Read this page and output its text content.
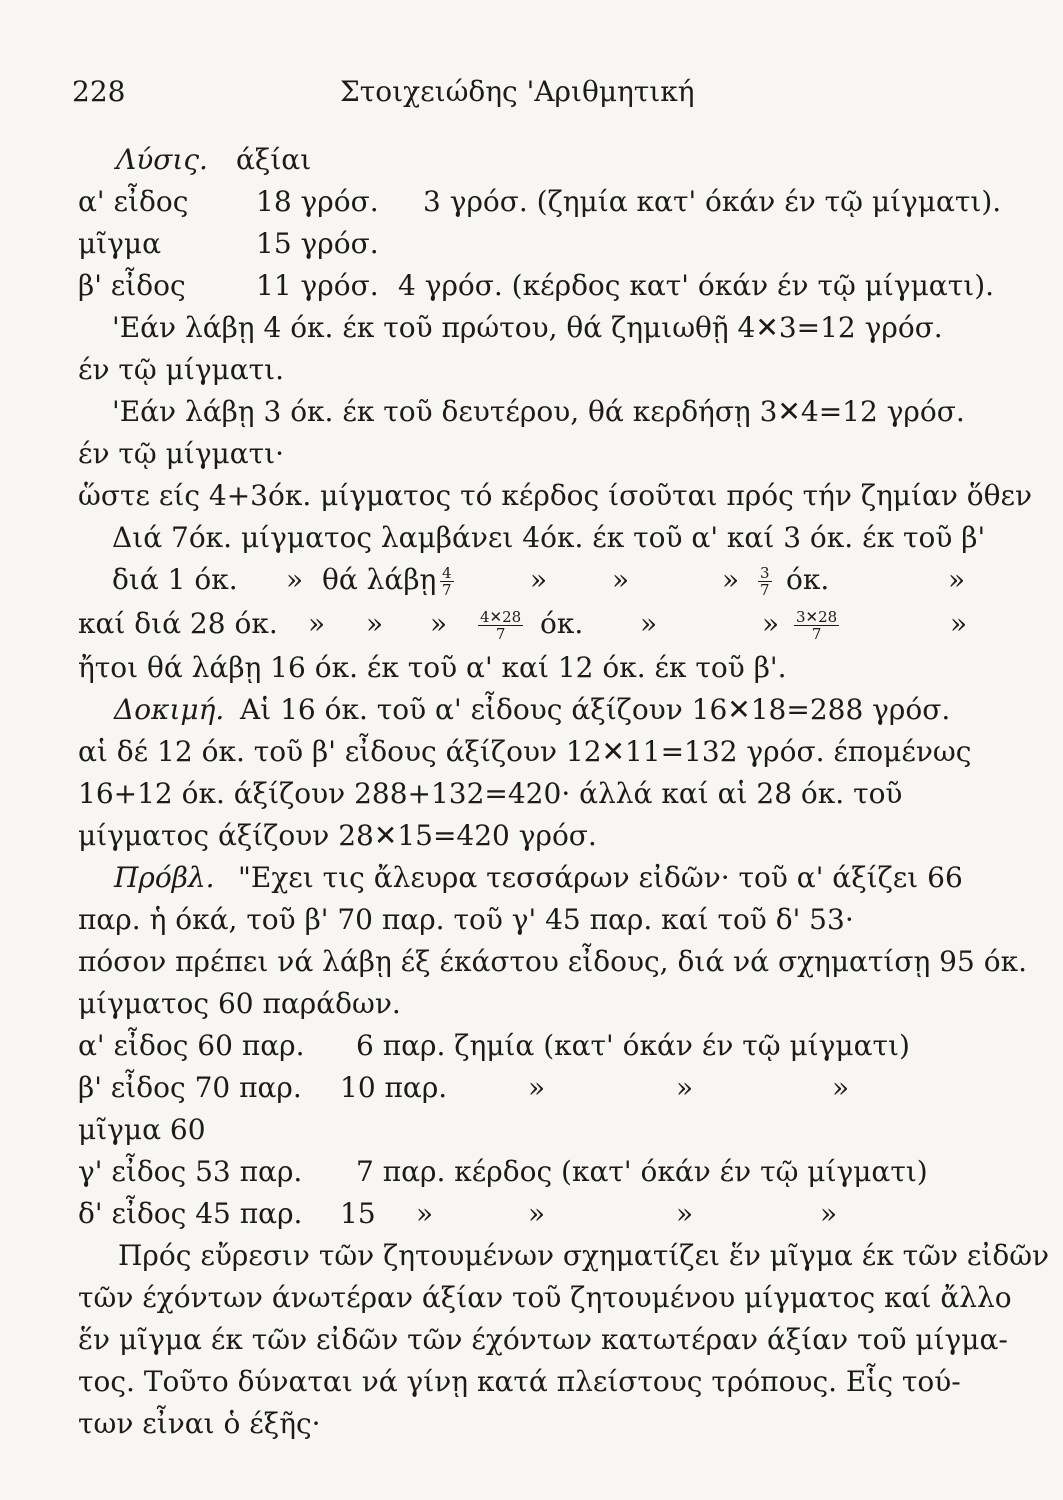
228	Στοιχειώδης 'Αριθμητική
Λύσις. άξίαι
α' εἶδος 18 γρόσ. 3 γρόσ. (ζημία κατ' όκάν έν τῷ μίγματι).
μῖγμα	15 γρόσ.
β' εἶδος	11 γρόσ. 4 γρόσ. (κέρδος κατ' όκάν έν τῷ μίγματι).
'Εάν λάβῃ 4 όκ. έκ τοῦ πρώτου, θά ζημιωθῇ 4✕3=12 γρόσ.
έν τῷ μίγματι.
'Εάν λάβῃ 3 όκ. έκ τοῦ δευτέρου, θά κερδήσῃ 3✕4=12 γρόσ.
έν τῷ μίγματι·
ὥστε είς 4+3όκ. μίγματος τό κέρδος ίσοῦται πρός τήν ζημίαν ὅθεν
Διά 7όκ. μίγματος λαμβάνει 4όκ. έκ τοῦ α' καί 3 όκ. έκ τοῦ β'
διά 1 όκ. » θά λάβῃ $\frac{4}{7}$	» »	» $\frac{3}{7} ό\kappa$.	»
καί διά 28 όκ. » » » $\frac{4✕28}{7} ό\kappa$. »	» $\frac{3✕28}{7}$	»
ἤτοι θά λάβῃ 16 όκ. έκ τοῦ α' καί 12 όκ. έκ τοῦ β'.
Δοκιμή. Αἱ 16 όκ. τοῦ α' εἶδους άξίζουν 16✕18=288 γρόσ.
αἱ δέ 12 όκ. τοῦ β' εἶδους άξίζουν 12✕11=132 γρόσ. έπομένως
16+12 όκ. άξίζουν 288+132=420· άλλά καί αἱ 28 όκ. τοῦ
μίγματος άξίζουν 28✕15=420 γρόσ.
Πρόβλ. "Εχει τις ἄλευρα τεσσάρων εἰδῶν· τοῦ α' άξίζει 66
παρ. ἡ όκά, τοῦ β' 70 παρ. τοῦ γ' 45 παρ. καί τοῦ δ' 53·
πόσον πρέπει νά λάβῃ έξ έκάστου εἶδους, διά νά σχηματίσῃ 95 όκ.
μίγματος 60 παράδων.
α' εἶδος 60 παρ. 6 παρ. ζημία (κατ' όκάν έν τῷ μίγματι)
β' εἶδος 70 παρ. 10 παρ.	»	»	»
μῖγμα 60
γ' εἶδος 53 παρ. 7 παρ. κέρδος (κατ' όκάν έν τῷ μίγματι)
δ' εἶδος 45 παρ. 15 »	»	»	»
Πρός εὔρεσιν τῶν ζητουμένων σχηματίζει ἕν μῖγμα έκ τῶν εἰδῶν
τῶν έχόντων άνωτέραν άξίαν τοῦ ζητουμένου μίγματος καί ἄλλο
ἕν μῖγμα έκ τῶν εἰδῶν τῶν έχόντων κατωτέραν άξίαν τοῦ μίγμα-
τος. Τοῦτο δύναται νά γίνῃ κατά πλείστους τρόπους. Εἷς τού-
των εἶναι ὁ έξῆς·
